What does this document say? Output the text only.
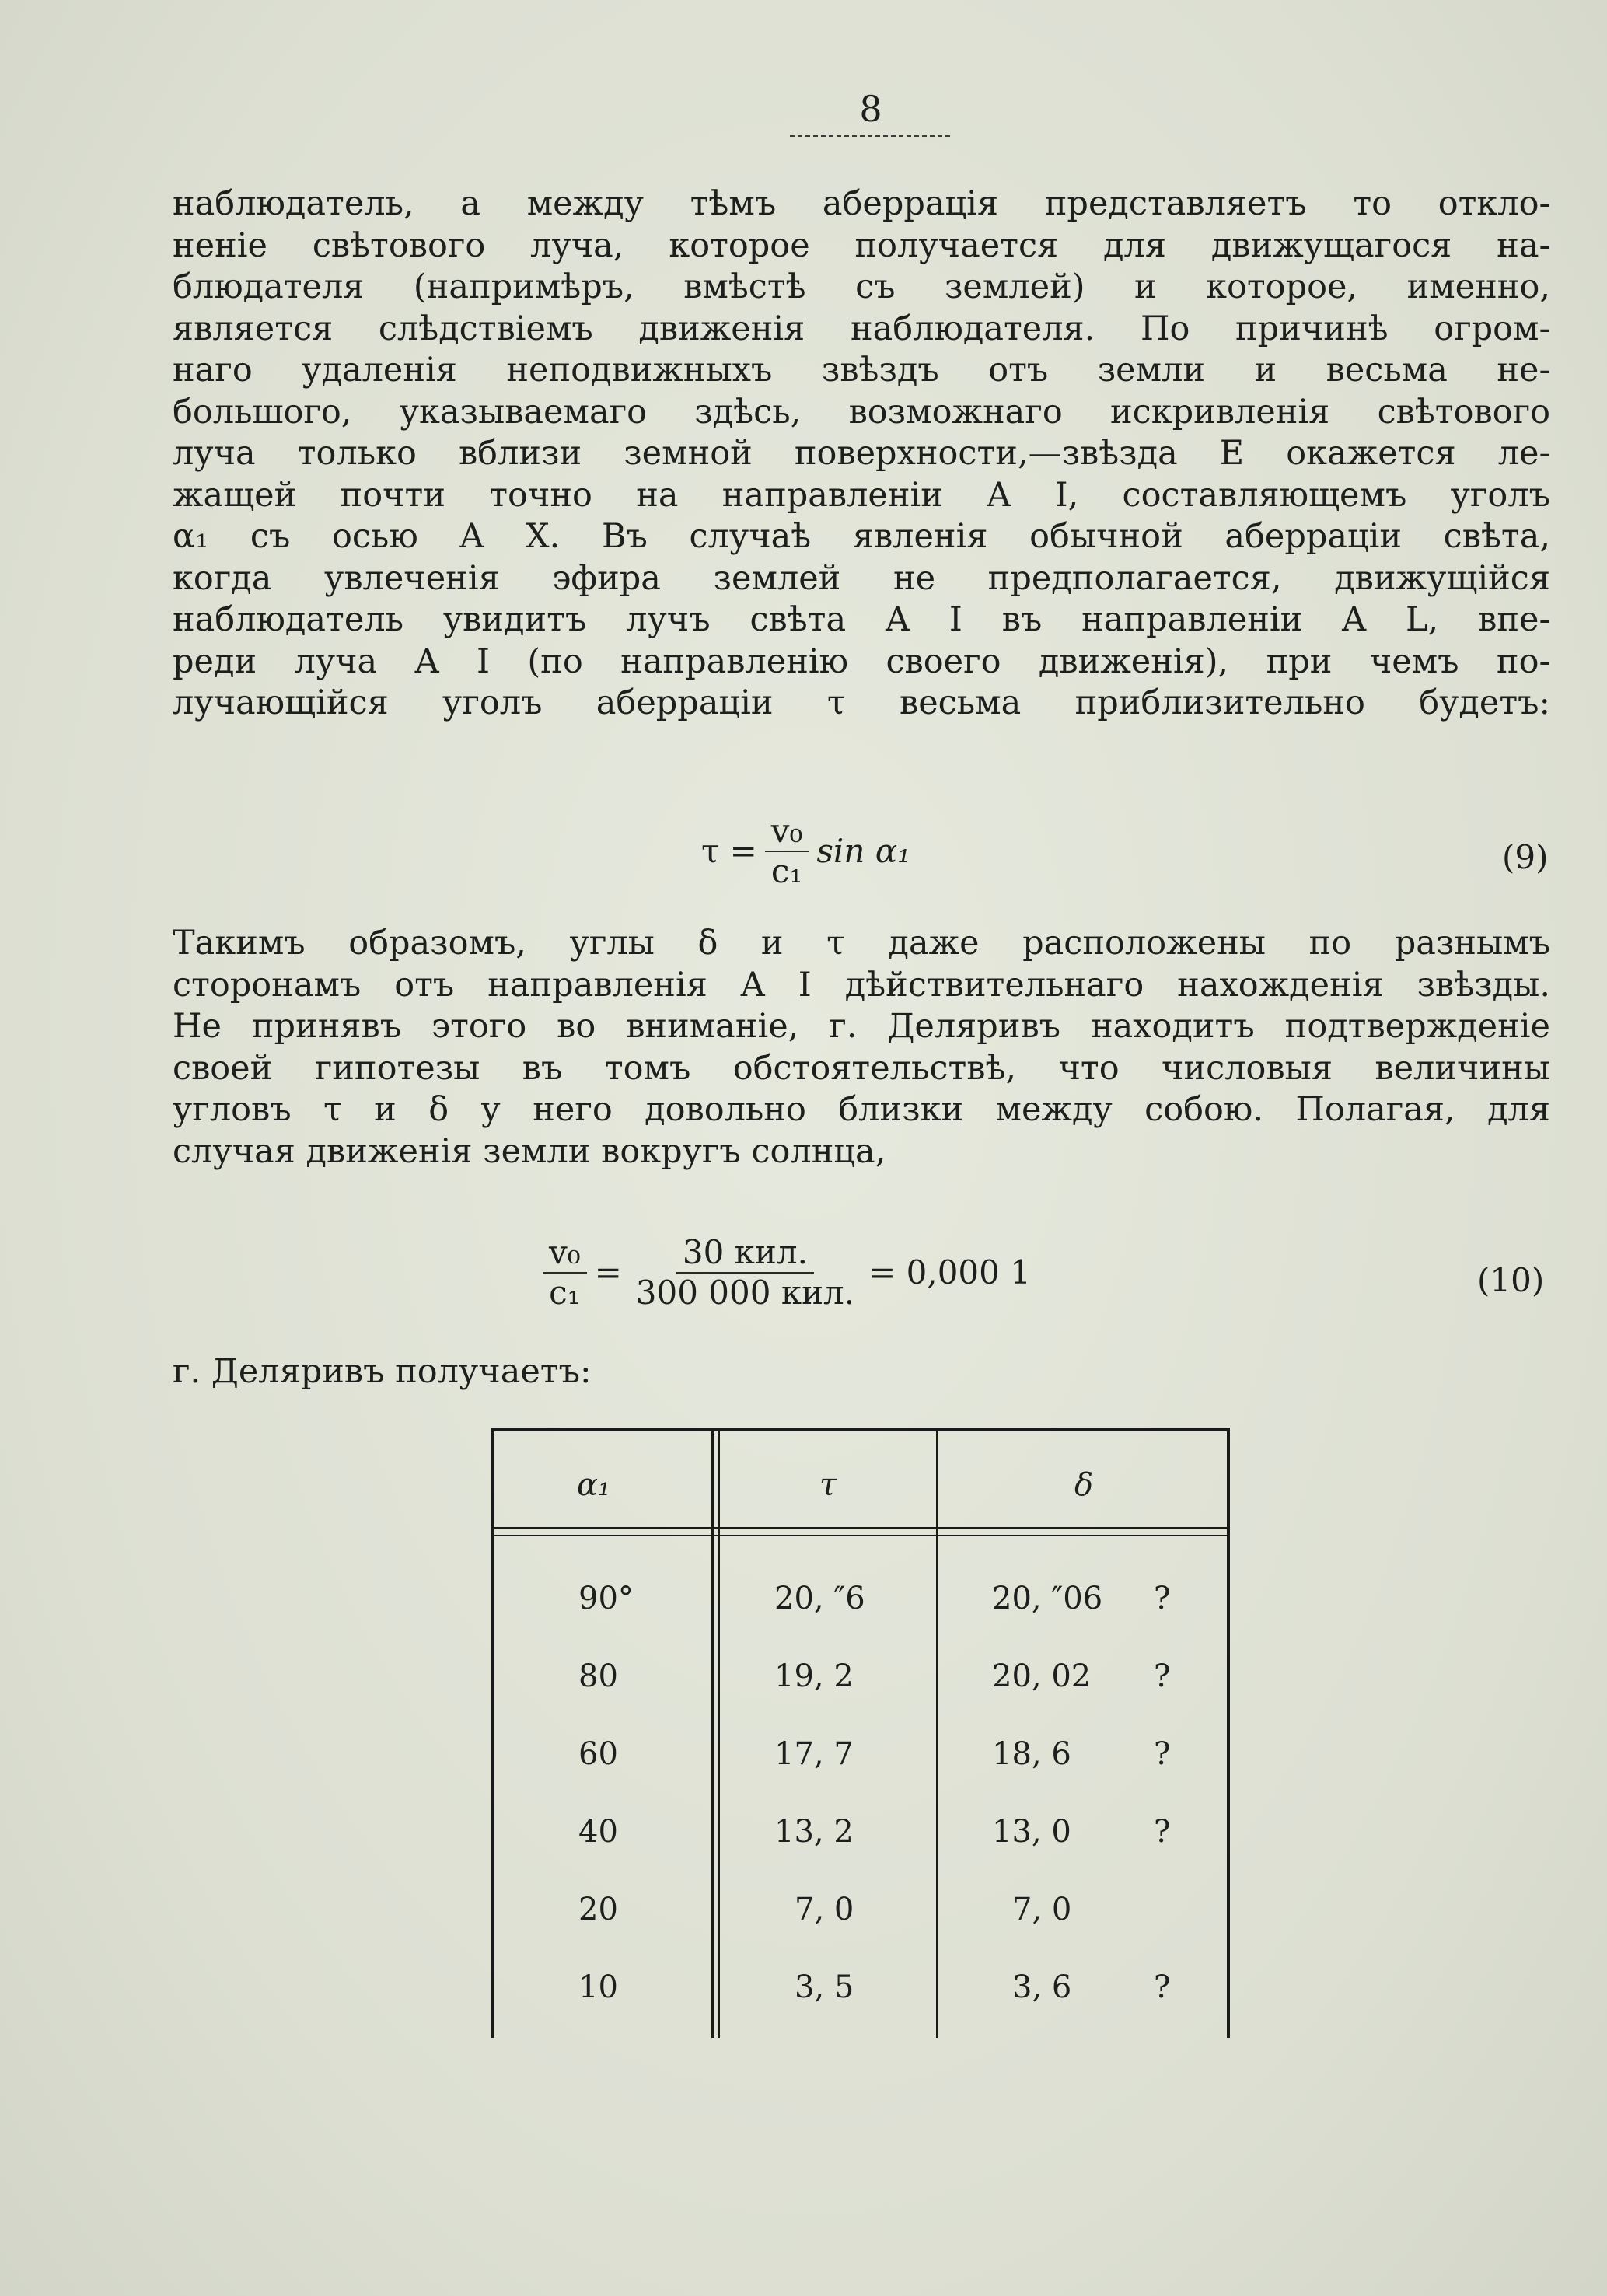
8

наблюдатель, а между тѣмъ аберрація представляетъ то откло-
неніе свѣтового луча, которое получается для движущагося на-
блюдателя (напримѣръ, вмѣстѣ съ землей) и которое, именно,
является слѣдствіемъ движенія наблюдателя. По причинѣ огром-
наго удаленія неподвижныхъ звѣздъ отъ земли и весьма не-
большого, указываемаго здѣсь, возможнаго искривленія свѣтового
луча только вблизи земной поверхности,—звѣзда E окажется ле-
жащей почти точно на направленіи A I, составляющемъ уголъ
α₁ съ осью A X. Въ случаѣ явленія обычной аберраціи свѣта,
когда увлеченія эфира землей не предполагается, движущійся
наблюдатель увидитъ лучъ свѣта A I въ направленіи A L, впе-
реди луча A I (по направленію своего движенія), при чемъ по-
лучающійся уголъ аберраціи τ весьма приблизительно будетъ:

$\tau = \frac{\text{v₀}}{\text{c₁}}$ sin α₁	(9)

Такимъ образомъ, углы δ и τ даже расположены по разнымъ
сторонамъ отъ направленія A I дѣйствительнаго нахожденія звѣзды.
Не принявъ этого во вниманіе, г. Деляривъ находитъ подтвержденіе
своей гипотезы въ томъ обстоятельствѣ, что числовыя величины
угловъ τ и δ у него довольно близки между собою. Полагая, для
случая движенія земли вокругъ солнца,

$\frac{\text{v₀}}{\text{c₁}} = \frac{\text{30 кил.}}{\text{300 000 кил.}} = 0,000$ 1	(10)

г. Деляривъ получаетъ:

α₁	τ	δ
90°	20, ″6	20, ″06 ?
80	19, 2	20, 02 ?
60	17, 7	18, 6	?
40	13, 2	13, 0	?
20	7, 0	7, 0
10	3, 5	3, 6	?
